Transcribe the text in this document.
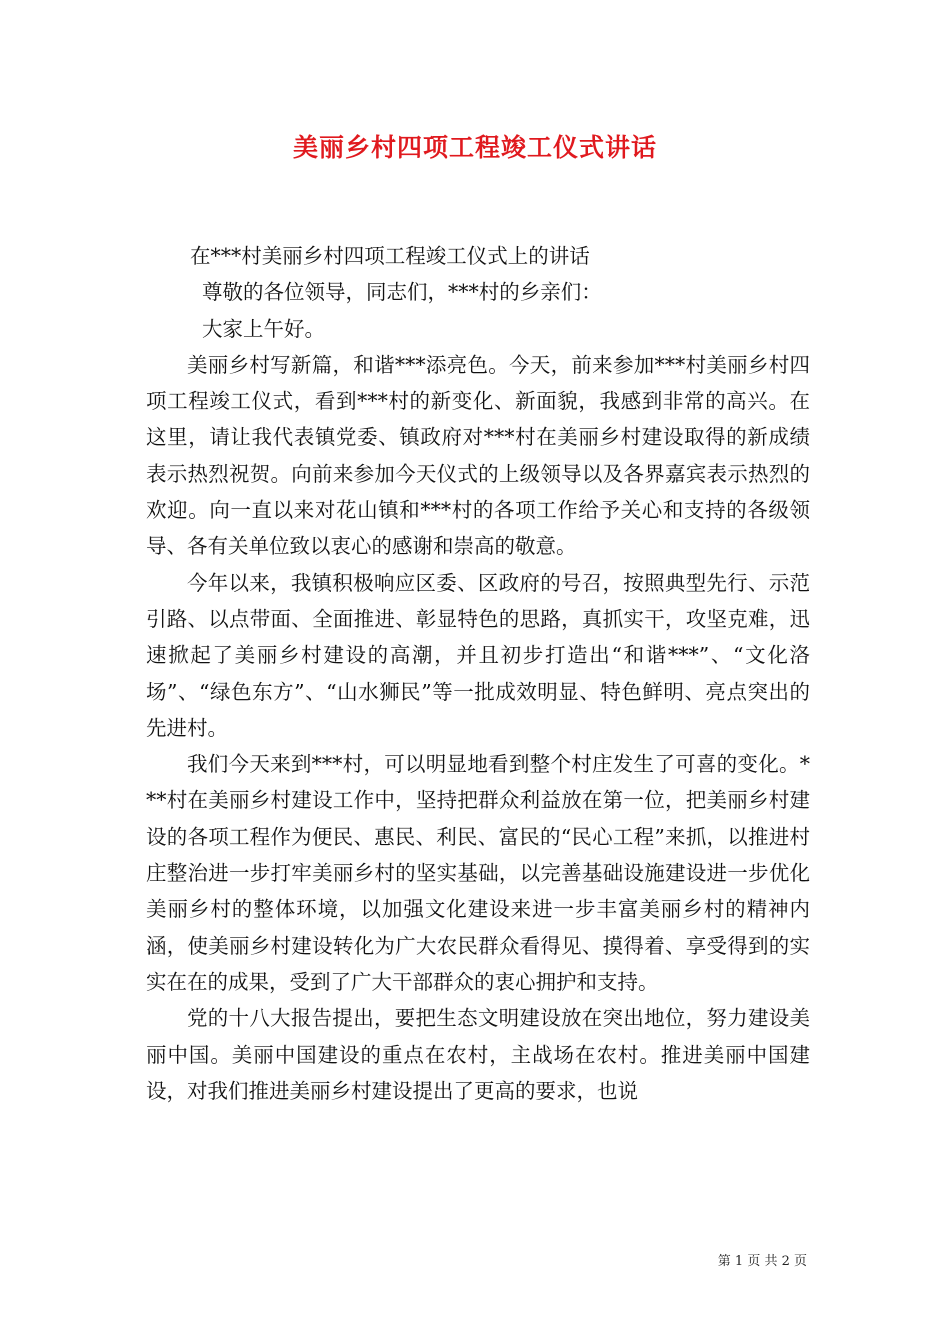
美丽乡村四项工程竣工仪式讲话

在***村美丽乡村四项工程竣工仪式上的讲话

尊敬的各位领导，同志们，***村的乡亲们：

大家上午好。

美丽乡村写新篇，和谐***添亮色。今天，前来参加***村美丽乡村四项工程竣工仪式，看到***村的新变化、新面貌，我感到非常的高兴。在这里，请让我代表镇党委、镇政府对***村在美丽乡村建设取得的新成绩表示热烈祝贺。向前来参加今天仪式的上级领导以及各界嘉宾表示热烈的欢迎。向一直以来对花山镇和***村的各项工作给予关心和支持的各级领导、各有关单位致以衷心的感谢和崇高的敬意。

今年以来，我镇积极响应区委、区政府的号召，按照典型先行、示范引路、以点带面、全面推进、彰显特色的思路，真抓实干，攻坚克难，迅速掀起了美丽乡村建设的高潮，并且初步打造出“和谐***”、“文化洛场”、“绿色东方”、“山水狮民”等一批成效明显、特色鲜明、亮点突出的先进村。

我们今天来到***村，可以明显地看到整个村庄发生了可喜的变化。***村在美丽乡村建设工作中，坚持把群众利益放在第一位，把美丽乡村建设的各项工程作为便民、惠民、利民、富民的“民心工程”来抓，以推进村庄整治进一步打牢美丽乡村的坚实基础，以完善基础设施建设进一步优化美丽乡村的整体环境，以加强文化建设来进一步丰富美丽乡村的精神内涵，使美丽乡村建设转化为广大农民群众看得见、摸得着、享受得到的实实在在的成果，受到了广大干部群众的衷心拥护和支持。

党的十八大报告提出，要把生态文明建设放在突出地位，努力建设美丽中国。美丽中国建设的重点在农村，主战场在农村。推进美丽中国建设，对我们推进美丽乡村建设提出了更高的要求，也说

第 1 页 共 2 页
